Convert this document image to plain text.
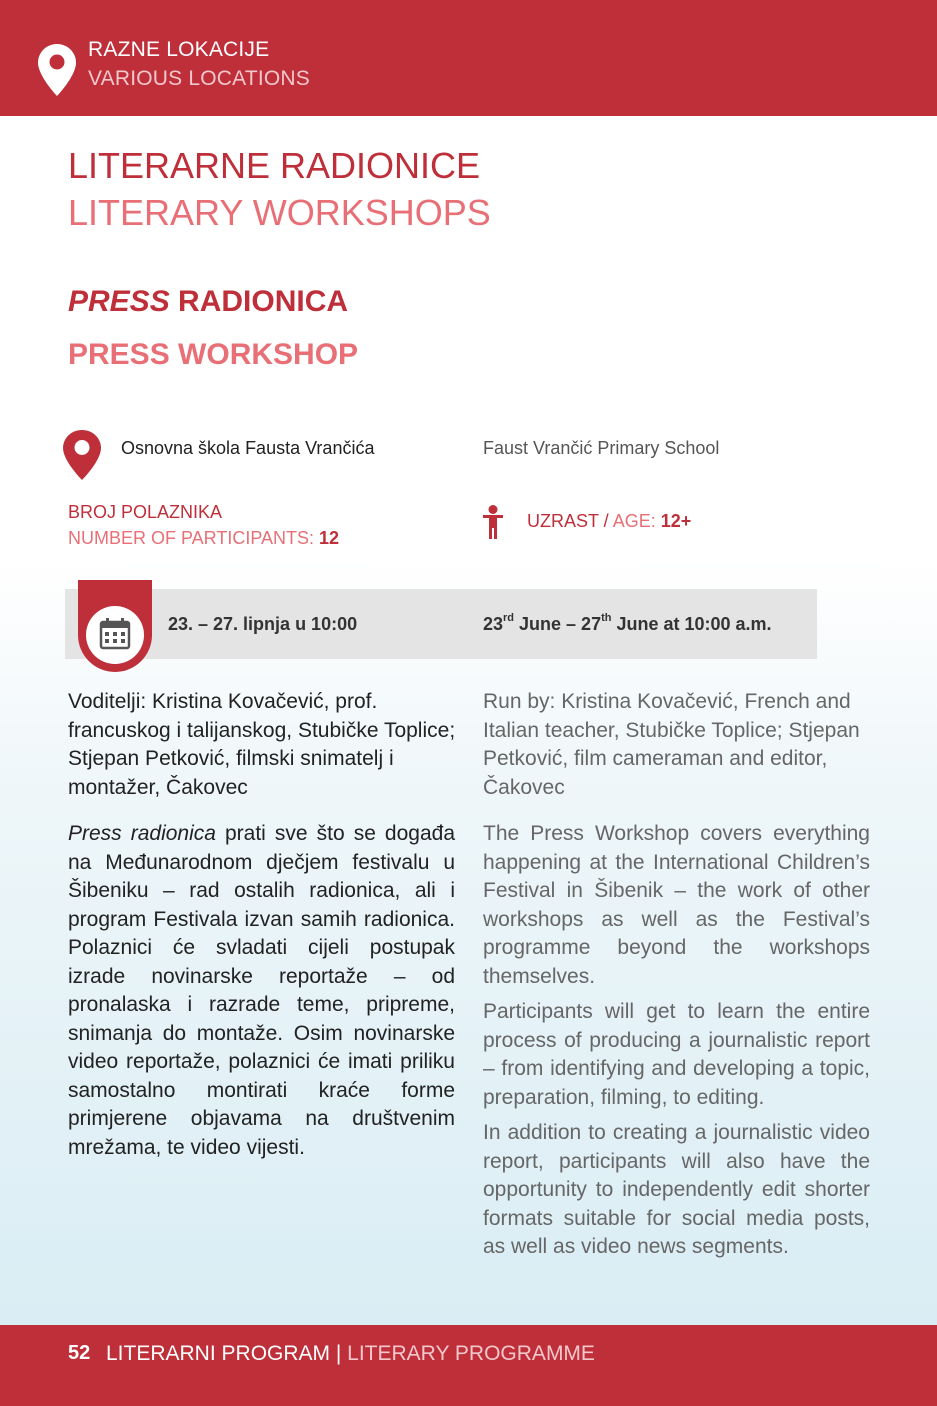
RAZNE LOKACIJE
VARIOUS LOCATIONS
LITERARNE RADIONICE
LITERARY WORKSHOPS
PRESS RADIONICA
PRESS WORKSHOP
Osnovna škola Fausta Vrančića	Faust Vrančić Primary School
BROJ POLAZNIKA
NUMBER OF PARTICIPANTS: 12
UZRAST / AGE: 12+
23. – 27. lipnja u 10:00	23rd June – 27th June at 10:00 a.m.
Voditelji: Kristina Kovačević, prof. francuskog i talijanskog, Stubičke Toplice; Stjepan Petković, filmski snimatelj i montažer, Čakovec
Run by: Kristina Kovačević, French and Italian teacher, Stubičke Toplice; Stjepan Petković, film cameraman and editor, Čakovec

Press radionica prati sve što se događa na Međunarodnom dječjem festivalu u Šibeniku – rad ostalih radionica, ali i program Festivala izvan samih radionica. Polaznici će svladati cijeli postupak izrade novinarske reportaže – od pronalaska i razrade teme, pripreme, snimanja do montaže. Osim novinarske video reportaže, polaznici će imati priliku samostalno montirati kraće forme primjerene objavama na društvenim mrežama, te video vijesti.

The Press Workshop covers everything happening at the International Children’s Festival in Šibenik – the work of other workshops as well as the Festival’s programme beyond the workshops themselves.

Participants will get to learn the entire process of producing a journalistic report – from identifying and developing a topic, preparation, filming, to editing.

In addition to creating a journalistic video report, participants will also have the opportunity to independently edit shorter formats suitable for social media posts, as well as video news segments.

52 LITERARNI PROGRAM | LITERARY PROGRAMME
